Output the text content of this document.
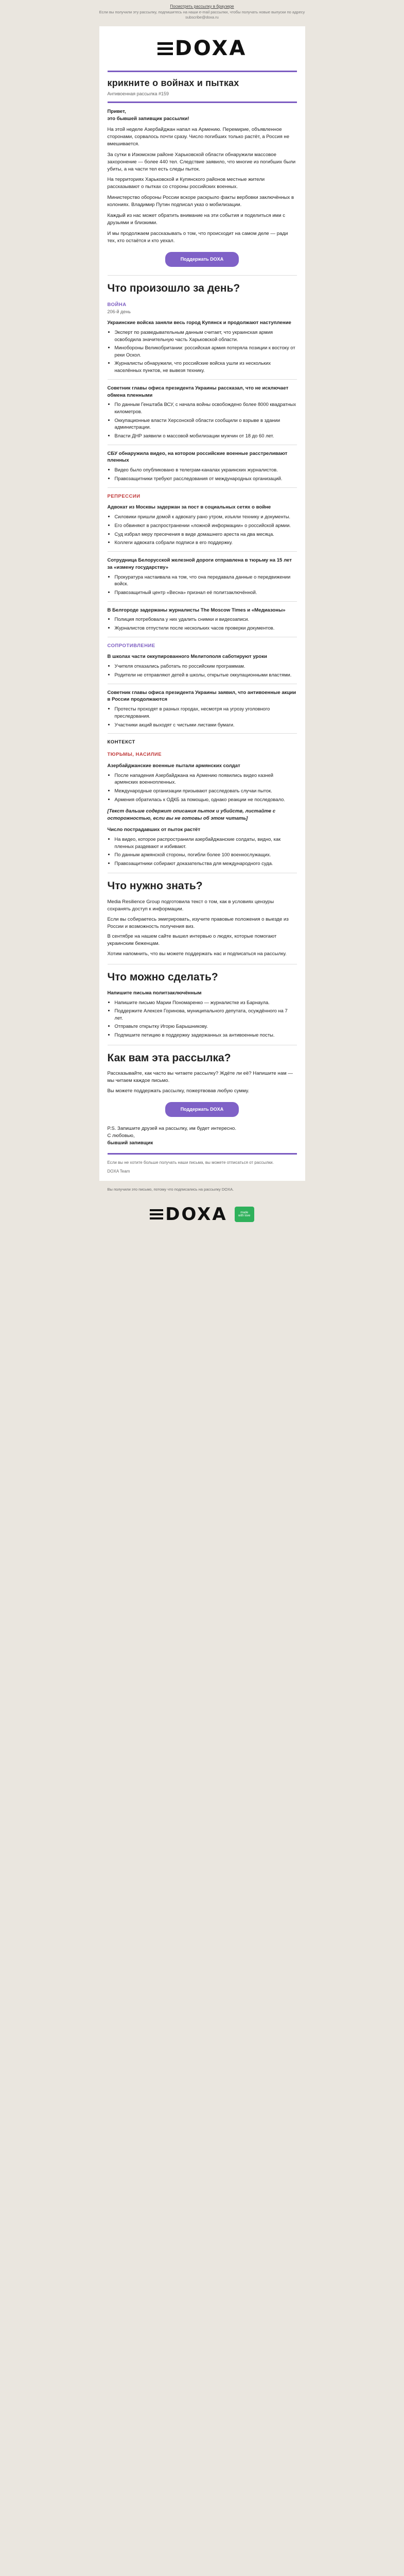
Посмотреть рассылку в браузере
Если вы получили эту рассылку, подпишитесь на наши e-mail рассылки, чтобы получать новые выпуски по адресу subscribe@doxa.ru
DOXA
крикните о войнах и пытках
Антивоенная рассылка #159

Привет,

это бывшей запивщик рассылки!

На этой неделе Азербайджан напал на Армению. Перемирие, объявленное сторонами, сорвалось почти сразу. Число погибших только растёт, а Россия не вмешивается.

За сутки в Изюмском районе Харьковской области обнаружили массовое захоронение — более 440 тел. Следствие заявило, что многие из погибших были убиты, а на части тел есть следы пыток.

На территориях Харьковской и Купянского районов местные жители рассказывают о пытках со стороны российских военных.

Министерство обороны России вскоре раскрыло факты вербовки заключённых в колониях. Владимир Путин подписал указ о мобилизации.

Каждый из нас может обратить внимание на эти события и поделиться ими с друзьями и близкими.

И мы продолжаем рассказывать о том, что происходит на самом деле — ради тех, кто остаётся и кто уехал.

Поддержать DOXA
Что произошло за день?
ВОЙНА
206-й день
Украинские войска заняли весь город Купянск и продолжают наступление
• Эксперт по разведывательным данным считает, что украинская армия освободила значительную часть Харьковской области.
• Минобороны Великобритании: российская армия потеряла позиции к востоку от реки Оскол.
• Журналисты обнаружили, что российские войска ушли из нескольких населённых пунктов, не вывезя технику.
Советник главы офиса президента Украины рассказал, что не исключает обмена пленными
• По данным Генштаба ВСУ, с начала войны освобождено более 8000 квадратных километров.
• Оккупационные власти Херсонской области сообщили о взрыве в здании администрации.
• Власти ДНР заявили о массовой мобилизации мужчин от 18 до 60 лет.
СБУ обнаружила видео, на котором российские военные расстреливают пленных
• Видео было опубликовано в телеграм-каналах украинских журналистов.
• Правозащитники требуют расследования от международных организаций.
РЕПРЕССИИ
Адвокат из Москвы задержан за пост в социальных сетях о войне
• Силовики пришли домой к адвокату рано утром, изъяли технику и документы.
• Его обвиняют в распространении «ложной информации» о российской армии.
• Суд избрал меру пресечения в виде домашнего ареста на два месяца.
• Коллеги адвоката собрали подписи в его поддержку.
Сотрудница Белорусской железной дороги отправлена в тюрьму на 15 лет за «измену государству»
• Прокуратура настаивала на том, что она передавала данные о передвижении войск.
• Правозащитный центр «Весна» признал её политзаключённой.
В Белгороде задержаны журналисты The Moscow Times и «Медиазоны»
• Полиция потребовала у них удалить снимки и видеозаписи.
• Журналистов отпустили после нескольких часов проверки документов.
СОПРОТИВЛЕНИЕ
В школах части оккупированного Мелитополя саботируют уроки
• Учителя отказались работать по российским программам.
• Родители не отправляют детей в школы, открытые оккупационными властями.
Советник главы офиса президента Украины заявил, что антивоенные акции в России продолжаются
• Протесты проходят в разных городах, несмотря на угрозу уголовного преследования.
• Участники акций выходят с чистыми листами бумаги.
КОНТЕКСТ
ТЮРЬМЫ, НАСИЛИЕ
Азербайджанские военные пытали армянских солдат
• После нападения Азербайджана на Армению появились видео казней армянских военнопленных.
• Международные организации призывают расследовать случаи пыток.
• Армения обратилась к ОДКБ за помощью, однако реакции не последовало.
[Текст дальше содержит описания пыток и убийств, листайте с осторожностью, если вы не готовы об этом читать]
Число пострадавших от пыток растёт
• На видео, которое распространили азербайджанские солдаты, видно, как пленных раздевают и избивают.
• По данным армянской стороны, погибли более 100 военнослужащих.
• Правозащитники собирают доказательства для международного суда.
Что нужно знать?

Media Resilience Group подготовила текст о том, как в условиях цензуры сохранять доступ к информации.

Если вы собираетесь эмигрировать, изучите правовые положения о выезде из России и возможность получения виз.

В сентябре на нашем сайте вышел интервью о людях, которые помогают украинским беженцам.

Хотим напомнить, что вы можете поддержать нас и подписаться на рассылку.

Что можно сделать?
Напишите письма политзаключённым
• Напишите письмо Марии Пономаренко — журналистке из Барнаула.
• Поддержите Алексея Горинова, муниципального депутата, осуждённого на 7 лет.
• Отправьте открытку Игорю Барышникову.
• Подпишите петицию в поддержку задержанных за антивоенные посты.
Как вам эта рассылка?

Рассказывайте, как часто вы читаете рассылку? Ждёте ли её? Напишите нам — мы читаем каждое письмо.

Вы можете поддержать рассылку, пожертвовав любую сумму.

Поддержать DOXA

P.S. Запишите друзей на рассылку, им будет интересно.

С любовью,

бывший запивщик

Если вы не хотите больше получать наши письма, вы можете отписаться от рассылки.

DOXA Team

Вы получили это письмо, потому что подписались на рассылку DOXA.

DOXA	made
with love
